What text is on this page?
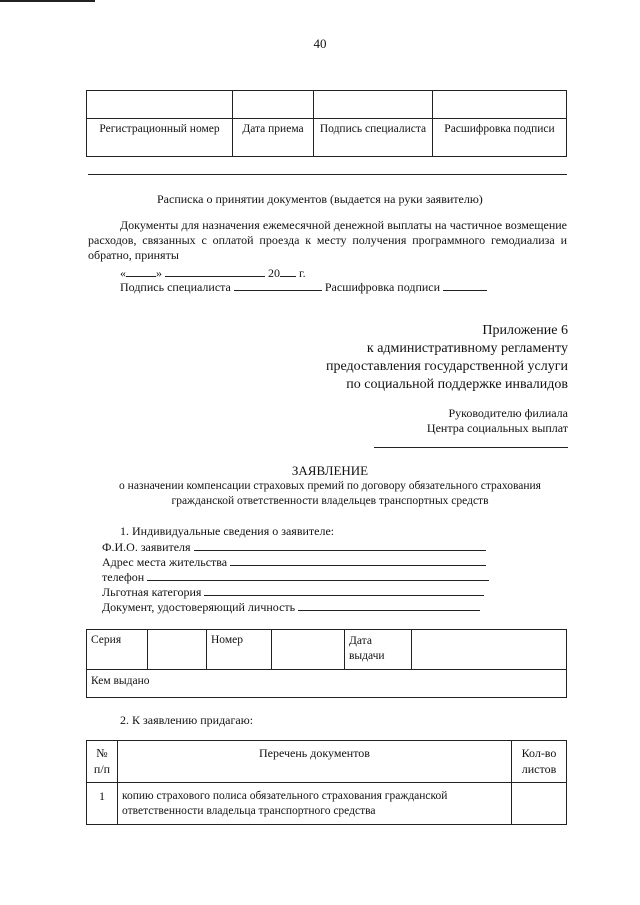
40

Регистрационный номер	Дата приема	Подпись специалиста	Расшифровка подписи
Расписка о принятии документов (выдается на руки заявителю)
Документы для назначения ежемесячной денежной выплаты на частичное возмещение расходов, связанных с оплатой проезда к месту получения программного гемодиализа и обратно, приняты
«	»	20 г.
Подпись специалиста	Расшифровка подписи
Приложение 6
к административному регламенту
предоставления государственной услуги
по социальной поддержке инвалидов
Руководителю филиала
Центра социальных выплат
ЗАЯВЛЕНИЕ
о назначении компенсации страховых премий по договору обязательного страхования
гражданской ответственности владельцев транспортных средств
1. Индивидуальные сведения о заявителе:
Ф.И.О. заявителя
Адрес места жительства
телефон
Льготная категория
Документ, удостоверяющий личность
Серия		Номер		Дата выдачи	
Кем выдано
2. К заявлению придагаю:
№ п/п	Перечень документов	Кол-во листов
1	копию страхового полиса обязательного страхования гражданской ответственности владельца транспортного средства	
